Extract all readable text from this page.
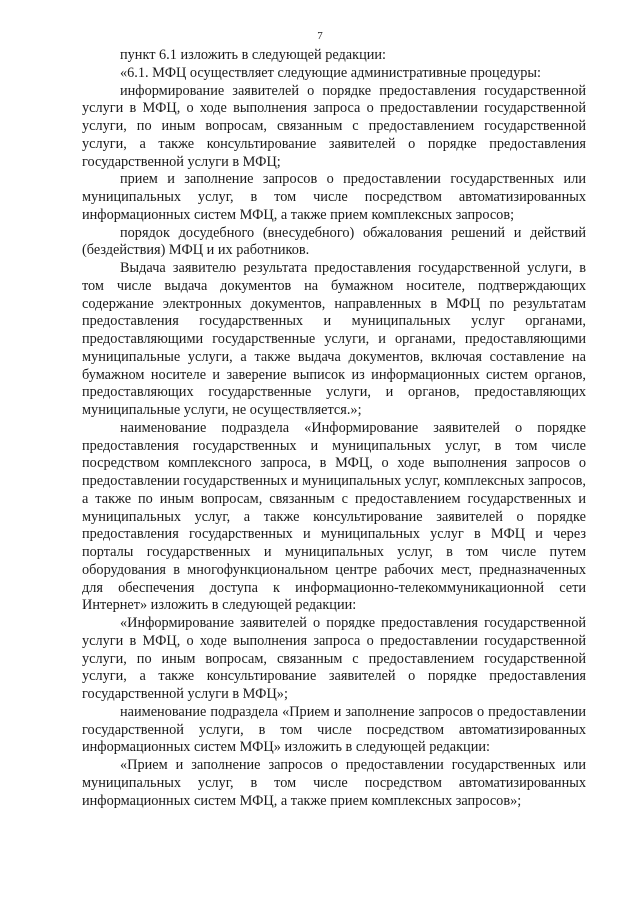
7

пункт 6.1 изложить в следующей редакции:

«6.1. МФЦ осуществляет следующие административные процедуры:

информирование заявителей о порядке предоставления государственной услуги в МФЦ, о ходе выполнения запроса о предоставлении государственной услуги, по иным вопросам, связанным с предоставлением государственной услуги, а также консультирование заявителей о порядке предоставления государственной услуги в МФЦ;

прием и заполнение запросов о предоставлении государственных или муниципальных услуг, в том числе посредством автоматизированных информационных систем МФЦ, а также прием комплексных запросов;

порядок досудебного (внесудебного) обжалования решений и действий (бездействия) МФЦ и их работников.

Выдача заявителю результата предоставления государственной услуги, в том числе выдача документов на бумажном носителе, подтверждающих содержание электронных документов, направленных в МФЦ по результатам предоставления государственных и муниципальных услуг органами, предоставляющими государственные услуги, и органами, предоставляющими муниципальные услуги, а также выдача документов, включая составление на бумажном носителе и заверение выписок из информационных систем органов, предоставляющих государственные услуги, и органов, предоставляющих муниципальные услуги, не осуществляется.»;

наименование подраздела «Информирование заявителей о порядке предоставления государственных и муниципальных услуг, в том числе посредством комплексного запроса, в МФЦ, о ходе выполнения запросов о предоставлении государственных и муниципальных услуг, комплексных запросов, а также по иным вопросам, связанным с предоставлением государственных и муниципальных услуг, а также консультирование заявителей о порядке предоставления государственных и муниципальных услуг в МФЦ и через порталы государственных и муниципальных услуг, в том числе путем оборудования в многофункциональном центре рабочих мест, предназначенных для обеспечения доступа к информационно-телекоммуникационной сети Интернет» изложить в следующей редакции:

«Информирование заявителей о порядке предоставления государственной услуги в МФЦ, о ходе выполнения запроса о предоставлении государственной услуги, по иным вопросам, связанным с предоставлением государственной услуги, а также консультирование заявителей о порядке предоставления государственной услуги в МФЦ»;

наименование подраздела «Прием и заполнение запросов о предоставлении государственной услуги, в том числе посредством автоматизированных информационных систем МФЦ» изложить в следующей редакции:

«Прием и заполнение запросов о предоставлении государственных или муниципальных услуг, в том числе посредством автоматизированных информационных систем МФЦ, а также прием комплексных запросов»;
